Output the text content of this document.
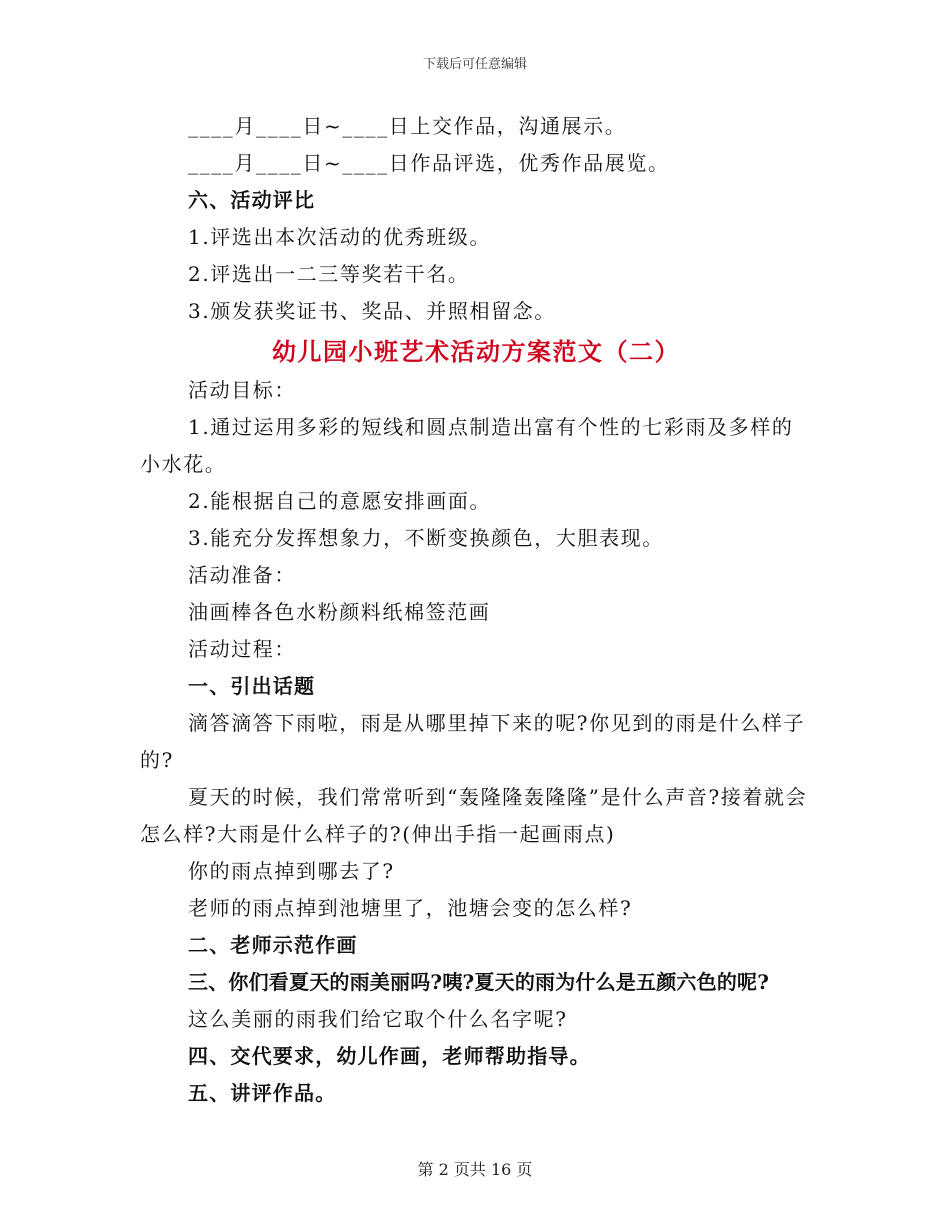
下载后可任意编辑

____月____日~____日上交作品，沟通展示。

____月____日~____日作品评选，优秀作品展览。

六、活动评比

1.评选出本次活动的优秀班级。

2.评选出一二三等奖若干名。

3.颁发获奖证书、奖品、并照相留念。

幼儿园小班艺术活动方案范文（二）

活动目标：

1.通过运用多彩的短线和圆点制造出富有个性的七彩雨及多样的小水花。

2.能根据自己的意愿安排画面。

3.能充分发挥想象力，不断变换颜色，大胆表现。

活动准备：

油画棒各色水粉颜料纸棉签范画

活动过程：

一、引出话题

滴答滴答下雨啦，雨是从哪里掉下来的呢?你见到的雨是什么样子的?

夏天的时候，我们常常听到“轰隆隆轰隆隆”是什么声音?接着就会怎么样?大雨是什么样子的?(伸出手指一起画雨点)

你的雨点掉到哪去了?

老师的雨点掉到池塘里了，池塘会变的怎么样?

二、老师示范作画

三、你们看夏天的雨美丽吗?咦?夏天的雨为什么是五颜六色的呢?

这么美丽的雨我们给它取个什么名字呢?

四、交代要求，幼儿作画，老师帮助指导。

五、讲评作品。

第 2 页共 16 页
